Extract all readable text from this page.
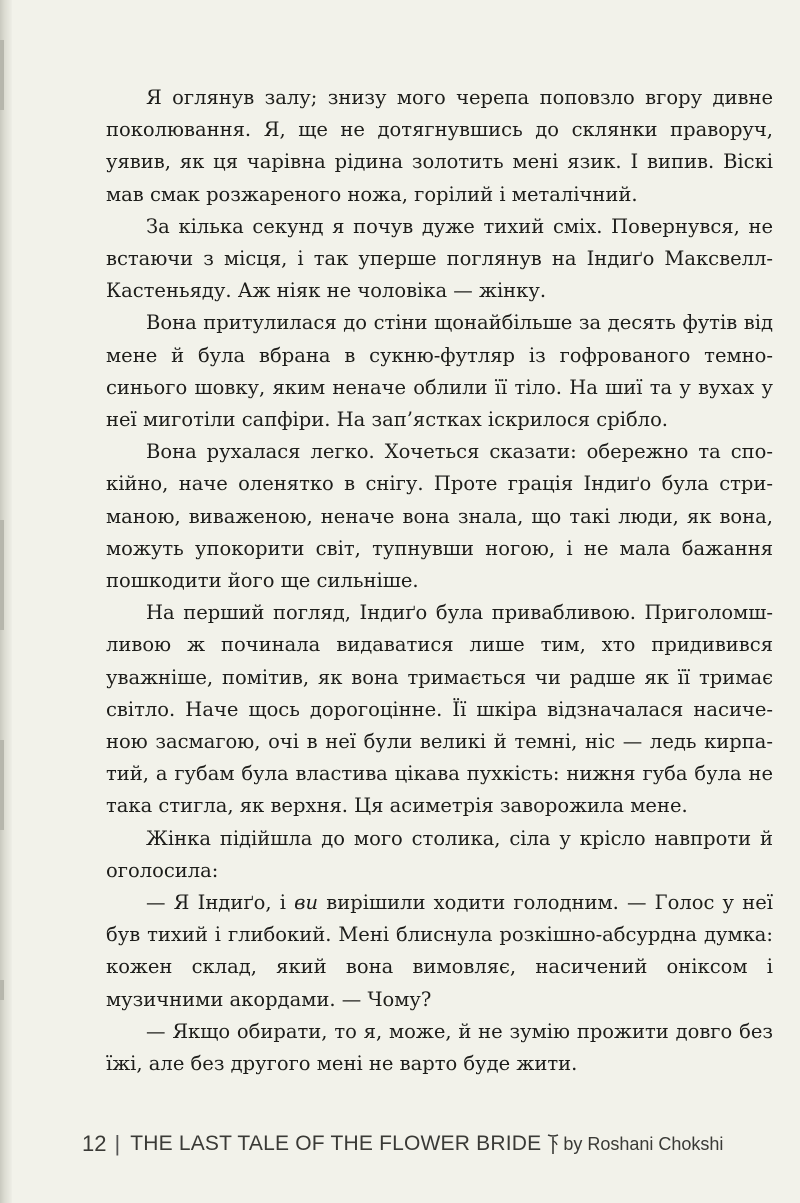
Я оглянув залу; знизу мого черепа поповзло вгору дивне поколювання. Я, ще не дотягнувшись до склянки праворуч, уявив, як ця чарівна рідина золотить мені язик. І випив. Віскі мав смак розжареного ножа, горілий і металічний.

За кілька секунд я почув дуже тихий сміх. Повернувся, не встаючи з місця, і так уперше поглянув на Індиґо Максвелл-Кастеньяду. Аж ніяк не чоловіка — жінку.

Вона притулилася до стіни щонайбільше за десять футів від мене й була вбрана в сукню-футляр із гофрованого темно-синього шовку, яким неначе облили її тіло. На шиї та у вухах у неї миготіли сапфіри. На зап’ястках іскрилося срібло.

Вона рухалася легко. Хочеться сказати: обережно та спокійно, наче оленятко в снігу. Проте грація Індиґо була стриманою, виваженою, неначе вона знала, що такі люди, як вона, можуть упокорити світ, тупнувши ногою, і не мала бажання пошкодити його ще сильніше.

На перший погляд, Індиґо була привабливою. Приголомшливою ж починала видаватися лише тим, хто придивився уважніше, помітив, як вона тримається чи радше як її тримає світло. Наче щось дорогоцінне. Її шкіра відзначалася насиченою засмагою, очі в неї були великі й темні, ніс — ледь кирпатий, а губам була властива цікава пухкість: нижня губа була не така стигла, як верхня. Ця асиметрія заворожила мене.

Жінка підійшла до мого столика, сіла у крісло навпроти й оголосила:

— Я Індиґо, і ви вирішили ходити голодним. — Голос у неї був тихий і глибокий. Мені блиснула розкішно-абсурдна думка: кожен склад, який вона вимовляє, насичений оніксом і музичними акордами. — Чому?

— Якщо обирати, то я, може, й не зумію прожити довго без їжі, але без другого мені не варто буде жити.

12 | THE LAST TALE OF THE FLOWER BRIDE by Roshani Chokshi
